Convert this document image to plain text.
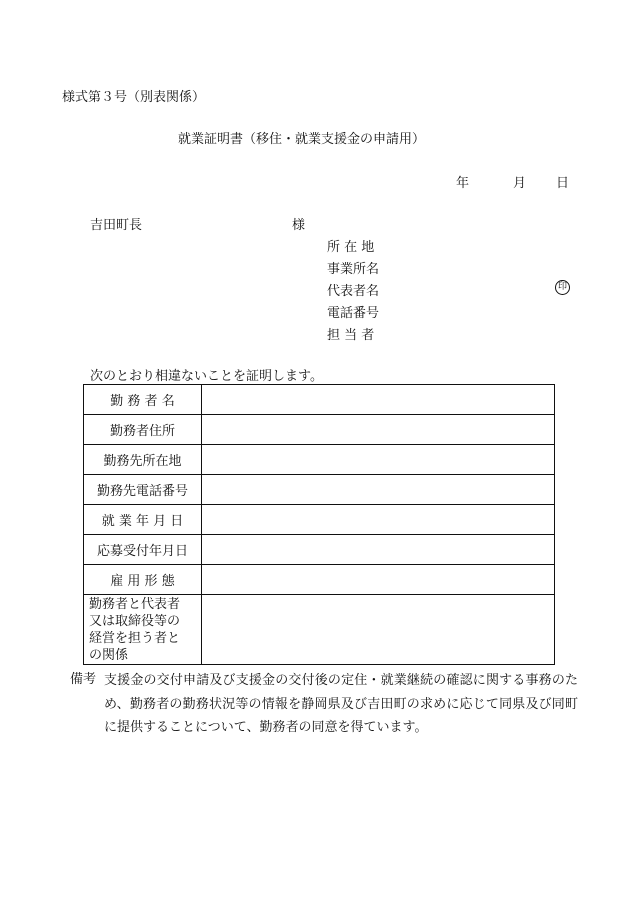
様式第３号（別表関係）
就業証明書（移住・就業支援金の申請用）
年	月 日
吉田町長	様
所 在 地
事業所名
代表者名	印
電話番号
担 当 者
次のとおり相違ないことを証明します。
勤 務 者 名	
勤務者住所	
勤務先所在地	
勤務先電話番号	
就 業 年 月 日	
応募受付年月日	
雇 用 形 態	

勤務者と代表者
又は取締役等の
経営を担う者と
の関係	

備考 支援金の交付申請及び支援金の交付後の定住・就業継続の確認に関する事務のため、勤務者の勤務状況等の情報を静岡県及び吉田町の求めに応じて同県及び同町に提供することについて、勤務者の同意を得ています。
